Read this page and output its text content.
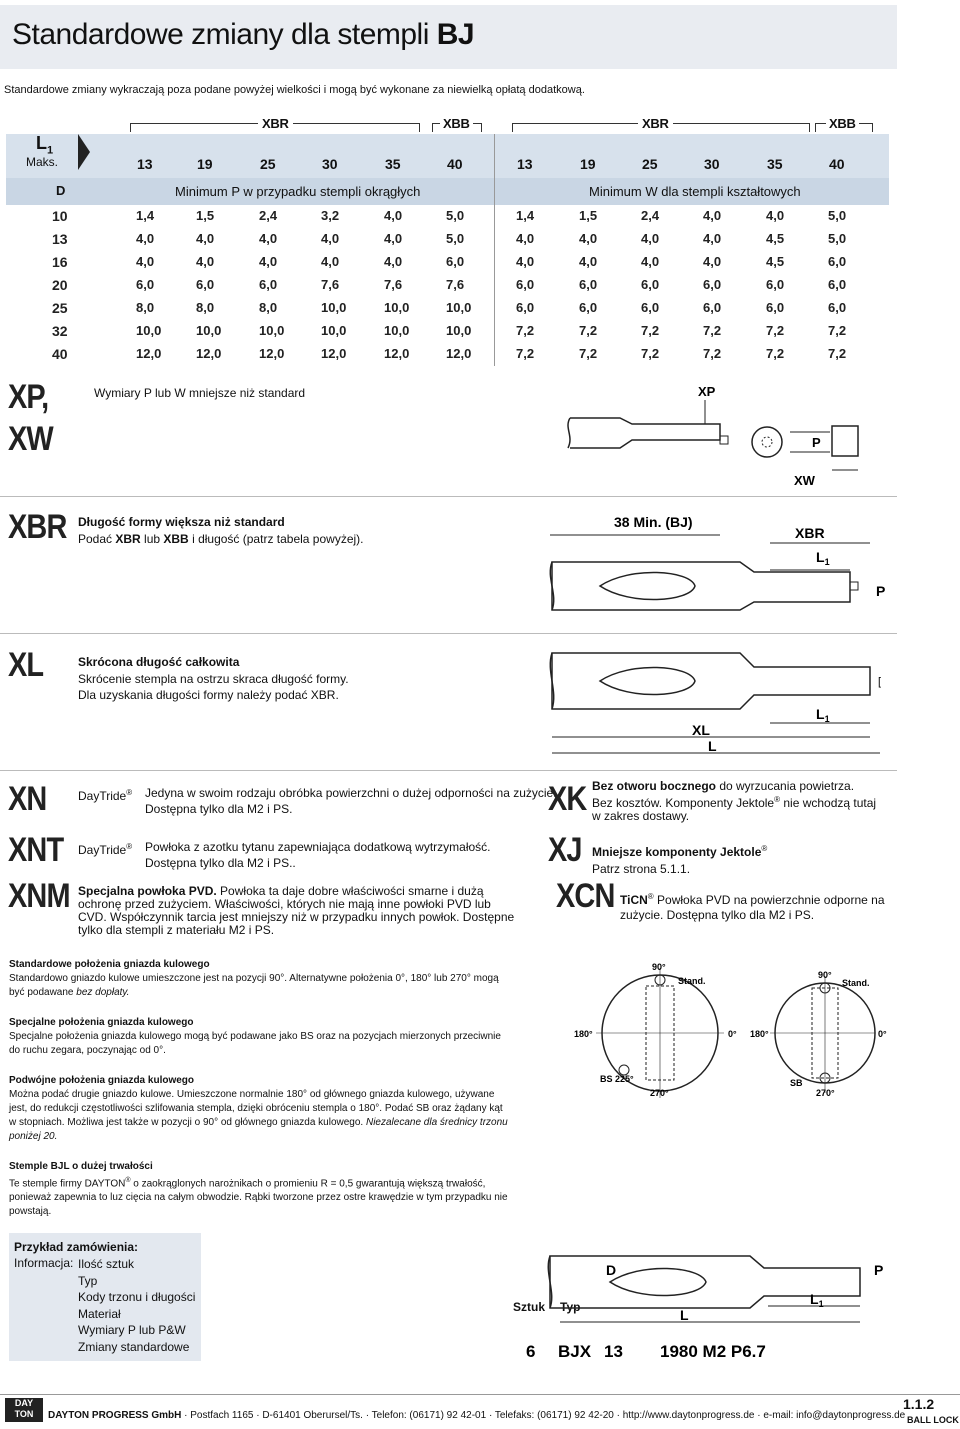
Standardowe zmiany dla stempli BJ
Standardowe zmiany wykraczają poza podane powyżej wielkości i mogą być wykonane za niewielką opłatą dodatkową.
$L_1$
Maks.
D	Minimum P w przypadku stempli okrągłych	Minimum W dla stempli kształtowych
XBR	XBB	XBR	XBB
13	19	25	30	35	40	13	19	25	30	35	40
10	1,4	1,5	2,4	3,2	4,0	5,0	1,4	1,5	2,4	4,0	4,0	5,0
13	4,0	4,0	4,0	4,0	4,0	5,0	4,0	4,0	4,0	4,0	4,5	5,0
16	4,0	4,0	4,0	4,0	4,0	6,0	4,0	4,0	4,0	4,0	4,5	6,0
20	6,0	6,0	6,0	7,6	7,6	7,6	6,0	6,0	6,0	6,0	6,0	6,0
25	8,0	8,0	8,0	10,0	10,0	10,0	6,0	6,0	6,0	6,0	6,0	6,0
32	10,0	10,0	10,0	10,0	10,0	10,0	7,2	7,2	7,2	7,2	7,2	7,2
40	12,0	12,0	12,0	12,0	12,0	12,0	7,2	7,2	7,2	7,2	7,2	7,2
XP,
XW
Wymiary P lub W mniejsze niż standard	XP
P
XW
XBR Długość formy większa niż standard
Podać XBR lub XBB i długość (patrz tabela powyżej).
38 Min. (BJ)
XBR
$L_1$
P
XL	Skrócona długość całkowita
Skrócenie stempla na ostrzu skraca długość formy.
Dla uzyskania długości formy należy podać XBR.
[
$L_1$
XL
L
XN	DayTride® Jedyna w swoim rodzaju obróbka powierzchni o dużej odporności na zużycie.
Dostępna tylko dla M2 i PS.
XNT DayTride® Powłoka z azotku tytanu zapewniająca dodatkową wytrzymałość.
Dostępna tylko dla M2 i PS..
XNM Specjalna powłoka PVD. Powłoka ta daje dobre właściwości smarne i dużą ochronę przed zużyciem. Właściwości, których nie mają inne powłoki PVD lub CVD. Współczynnik tarcia jest mniejszy niż w przypadku innych powłok. Dostępne tylko dla stempli z materiału M2 i PS.
XK Bez otworu bocznego do wyrzucania powietrza.
Bez kosztów. Komponenty Jektole® nie wchodzą tutaj
w zakres dostawy.
XJ Mniejsze komponenty Jektole®
Patrz strona 5.1.1.
XCN TiCN® Powłoka PVD na powierzchnie odporne na
zużycie. Dostępna tylko dla M2 i PS.
Standardowe położenia gniazda kulowego
Standardowo gniazdo kulowe umieszczone jest na pozycji 90°. Alternatywne położenia 0°, 180° lub 270° mogą
być podawane bez dopłaty.
Specjalne położenia gniazda kulowego
Specjalne położenia gniazda kulowego mogą być podawane jako BS oraz na pozycjach mierzonych przeciwnie
do ruchu zegara, poczynając od 0°.
Podwójne położenia gniazda kulowego
Można podać drugie gniazdo kulowe. Umieszczone normalnie 180° od głównego gniazda kulowego, używane
jest, do redukcji częstotliwości szlifowania stempla, dzięki obróceniu stempla o 180°. Podać SB oraz żądany kąt
w stopniach. Możliwa jest także w pozycji o 90° od głównego gniazda kulowego. Niezalecane dla średnicy trzonu
poniżej 20.
Stemple BJL o dużej trwałości
Te stemple firmy DAYTON® o zaokrąglonych narożnikach o promieniu R = 0,5 gwarantują większą trwałość,
ponieważ zapewnia to luz cięcia na całym obwodzie. Rąbki tworzone przez ostre krawędzie w tym przypadku nie
powstają.
90°
Stand.
180°	0°
270°
BS 225°
90°
Stand.
180°	0°
270°
SB
Przykład zamówienia:
Informacja: Ilość sztuk
Typ
Kody trzonu i długości
Materiał
Wymiary P lub P&W
Zmiany standardowe
Sztuk Typ
D	P
$L_1$
L
6 BJX 13 1980 M2 P6.7
DAY
TON	DAYTON PROGRESS GmbH · Postfach 1165 · D-61401 Oberursel/Ts. · Telefon: (06171) 92 42-01 · Telefaks: (06171) 92 42-20 · http://www.daytonprogress.de · e-mail: info@daytonprogress.de
1.1.2
BALL LOCK
